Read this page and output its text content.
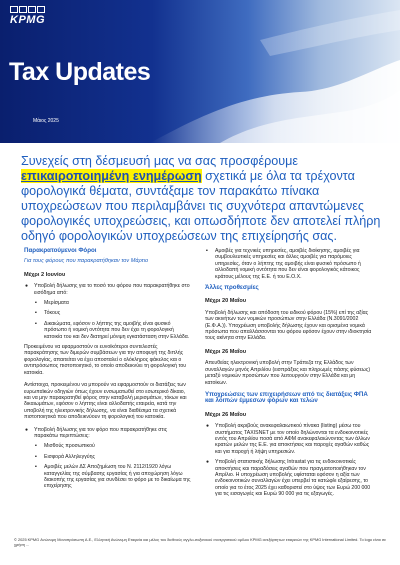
KPMG
Tax Updates
Μάιος 2025
Συνεχείς στη δέσμευσή μας να σας προσφέρουμε επικαιροποιημένη ενημέρωση σχετικά με όλα τα τρέχοντα φορολογικά θέματα, συντάξαμε τον παρακάτω πίνακα υποχρεώσεων που περιλαμβάνει τις συχνότερα απαντώμενες φορολογικές υποχρεώσεις, και οπωσδήποτε δεν αποτελεί πλήρη οδηγό φορολογικών υποχρεώσεων της επιχείρησής σας.
Παρακρατούμενοι Φόροι
Για τους φόρους που παρακρατήθηκαν τον Μάρτιο
Μέχρι 2 Ιουνίου
● Υποβολή δήλωσης για το ποσό του φόρου που παρακρατήθηκε στο εισόδημα από:
▪ Μερίσματα
▪ Τόκους
▪ Δικαιώματα, εφόσον ο λήπτης της αμοιβής είναι φυσικό πρόσωπο ή νομική οντότητα που δεν έχει τη φορολογική κατοικία του και δεν διατηρεί μόνιμη εγκατάσταση στην Ελλάδα.
Προκειμένου να εφαρμοστούν οι ευνοϊκότεροι συντελεστές παρακράτησης των διμερών συμβάσεων για την αποφυγή της διπλής φορολογίας, απαιτείται να έχει αποσταλεί ο ολόκληρος φάκελος και ο αντιπρόσωπος πιστοποιητικό, το οποίο αποδεικνύει τη φορολογική του κατοικία.
Αντίστοιχα, προκειμένου να μπορούν να εφαρμοστούν οι διατάξεις των ευρωπαϊκών οδηγιών όπως έχουν ενσωματωθεί στο εσωτερικό δίκαιο, και να μην παρακρατηθεί φόρος στην καταβολή μερισμάτων, τόκων και δικαιωμάτων, εφόσον ο λήπτης είναι αλλοδαπής εταιρεία, κατά την υποβολή της ηλεκτρονικής δήλωσης, να είναι διαθέσιμα τα σχετικά πιστοποιητικά που αποδεικνύουν τη φορολογική του κατοικία.
● Υποβολή δήλωσης για τον φόρο που παρακρατήθηκε στις παρακάτω περιπτώσεις:
▪ Μισθούς προσωπικού
▪ Εισφορά Αλληλεγγύης
▪ Αμοιβές μελών ΔΣ Αποζημίωση του Ν. 2112/1920 λόγω καταγγελίας της σύμβασης εργασίας ή για αποχώρηση λόγω διακοπής της εργασίας για συνδέσει το φόρο με το δικαίωμα της επιχείρησης
▪ Αμοιβές για τεχνικές υπηρεσίες, αμοιβές διοίκησης, αμοιβές για συμβουλευτικές υπηρεσίες και άλλες αμοιβές για παρόμοιες υπηρεσίες, όταν ο λήπτης της αμοιβής είναι φυσικό πρόσωπο ή αλλοδαπή νομική οντότητα που δεν είναι φορολογικός κάτοικος κράτους μέλους της Ε.Ε. ή του Ε.Ο.Χ.
Άλλες προθεσμίες
Μέχρι 20 Μαΐου
Υποβολή δήλωσης και απόδοση του ειδικού φόρου (15%) επί της αξίας των ακινήτων των νομικών προσώπων στην Ελλάδα (Ν.3091/2002 (Ε.Φ.Α.)). Υποχρέωση υποβολής δήλωσης έχουν και ορισμένα νομικά πρόσωπα που απαλλάσσονται του φόρου εφόσον έχουν στην ιδιοκτησία τους ακίνητα στην Ελλάδα.
Μέχρι 26 Μαΐου
Απευθείας ηλεκτρονική υποβολή στην Τράπεζα της Ελλάδος των συναλλαγών μηνός Απριλίου (εισπράξεις και πληρωμές πάσης φύσεως) μεταξύ νομικών προσώπων που λειτουργούν στην Ελλάδα και μη κατοίκων.
Υποχρεώσεις των επιχειρήσεων από τις διατάξεις ΦΠΑ και λοιπών έμμεσων φόρων και τελών
Μέχρι 26 Μαΐου
● Υποβολή ακριβούς ανακεφαλαιωτικού πίνακα (listing) μέσω του συστήματος TAXISNET με τον οποίο δηλώνονται τα ενδοκοινοτικές εντός του Απριλίου ποσά από ΑΦΜ ανακεφαλαιώνοντας των άλλων κρατών μελών της Ε.Ε. για αποκτήσεις και παροχές αγαθών καθώς και για παροχή ή λήψη υπηρεσιών.
● Υποβολή στατιστικής δήλωσης Intrastat για τις ενδοκοινοτικές αποκτήσεις και παραδόσεις αγαθών που πραγματοποιήθηκαν τον Απρίλιο. Η υποχρέωση υποβολής υφίσταται εφόσον η αξία των ενδοκοινοτικών συναλλαγών έχει υπερβεί τα κατώφλι εξαίρεσης, το οποίο για το έτος 2025 έχει καθοριστεί στο ύψος των Ευρώ 200 000 για τις εισαγωγές και Ευρώ 90 000 για τις εξαγωγές.
© 2025 KPMG Ανώνυμη Μονοπρόσωπη Α.Ε., Ελληνική Ανώνυμη Εταιρεία και μέλος του διεθνούς αγγλο-σαξονικού συνεργατικού ομίλου KPMG ανεξάρτητων εταιρειών της KPMG International Limited. Το logo είναι σε χρήση ...
